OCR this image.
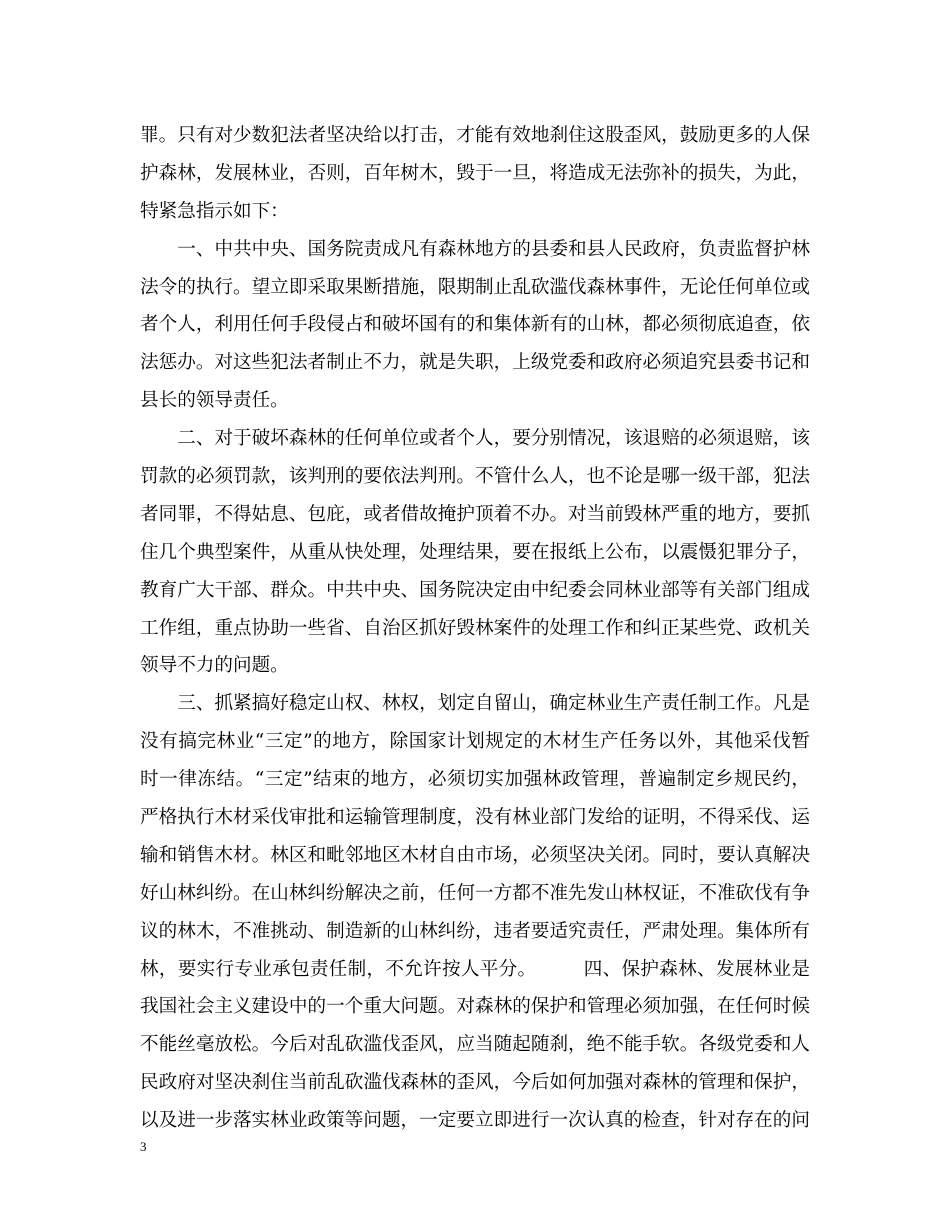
罪。只有对少数犯法者坚决给以打击，才能有效地刹住这股歪风，鼓励更多的人保
护森林，发展林业，否则，百年树木，毁于一旦，将造成无法弥补的损失，为此，
特紧急指示如下：
　　一、中共中央、国务院责成凡有森林地方的县委和县人民政府，负责监督护林
法令的执行。望立即采取果断措施，限期制止乱砍滥伐森林事件，无论任何单位或
者个人，利用任何手段侵占和破坏国有的和集体新有的山林，都必须彻底追查，依
法惩办。对这些犯法者制止不力，就是失职，上级党委和政府必须追究县委书记和
县长的领导责任。
　　二、对于破坏森林的任何单位或者个人，要分别情况，该退赔的必须退赔，该
罚款的必须罚款，该判刑的要依法判刑。不管什么人，也不论是哪一级干部，犯法
者同罪，不得姑息、包庇，或者借故掩护顶着不办。对当前毁林严重的地方，要抓
住几个典型案件，从重从快处理，处理结果，要在报纸上公布，以震慑犯罪分子，
教育广大干部、群众。中共中央、国务院决定由中纪委会同林业部等有关部门组成
工作组，重点协助一些省、自治区抓好毁林案件的处理工作和纠正某些党、政机关
领导不力的问题。
　　三、抓紧搞好稳定山权、林权，划定自留山，确定林业生产责任制工作。凡是
没有搞完林业“三定”的地方，除国家计划规定的木材生产任务以外，其他采伐暂
时一律冻结。“三定”结束的地方，必须切实加强林政管理，普遍制定乡规民约，
严格执行木材采伐审批和运输管理制度，没有林业部门发给的证明，不得采伐、运
输和销售木材。林区和毗邻地区木材自由市场，必须坚决关闭。同时，要认真解决
好山林纠纷。在山林纠纷解决之前，任何一方都不准先发山林权证，不准砍伐有争
议的林木，不准挑动、制造新的山林纠纷，违者要适究责任，严肃处理。集体所有
林，要实行专业承包责任制，不允许按人平分。　　　四、保护森林、发展林业是
我国社会主义建设中的一个重大问题。对森林的保护和管理必须加强，在任何时候
不能丝毫放松。今后对乱砍滥伐歪风，应当随起随刹，绝不能手软。各级党委和人
民政府对坚决刹住当前乱砍滥伐森林的歪风，今后如何加强对森林的管理和保护，
以及进一步落实林业政策等问题，一定要立即进行一次认真的检查，针对存在的问
3
